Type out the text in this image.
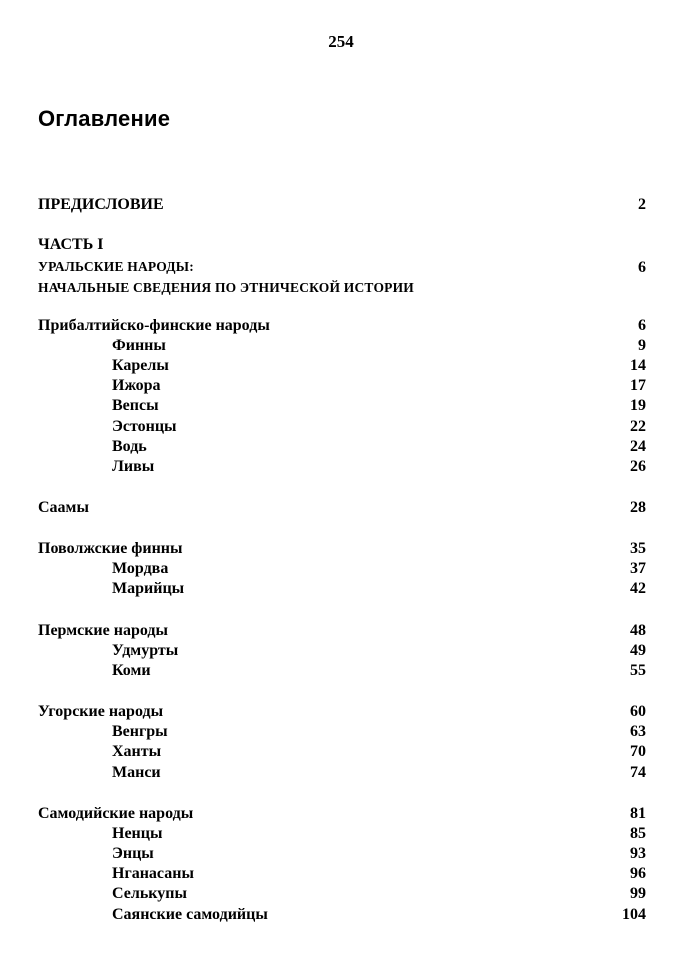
254
Оглавление
ПРЕДИСЛОВИЕ	2
ЧАСТЬ I
УРАЛЬСКИЕ НАРОДЫ:	6
НАЧАЛЬНЫЕ СВЕДЕНИЯ ПО ЭТНИЧЕСКОЙ ИСТОРИИ
Прибалтийско-финские народы	6
Финны	9
Карелы	14
Ижора	17
Вепсы	19
Эстонцы	22
Водь	24
Ливы	26
Саамы	28
Поволжские финны	35
Мордва	37
Марийцы	42
Пермские народы	48
Удмурты	49
Коми	55
Угорские народы	60
Венгры	63
Ханты	70
Манси	74
Самодийские народы	81
Ненцы	85
Энцы	93
Нганасаны	96
Селькупы	99
Саянские самодийцы	104
